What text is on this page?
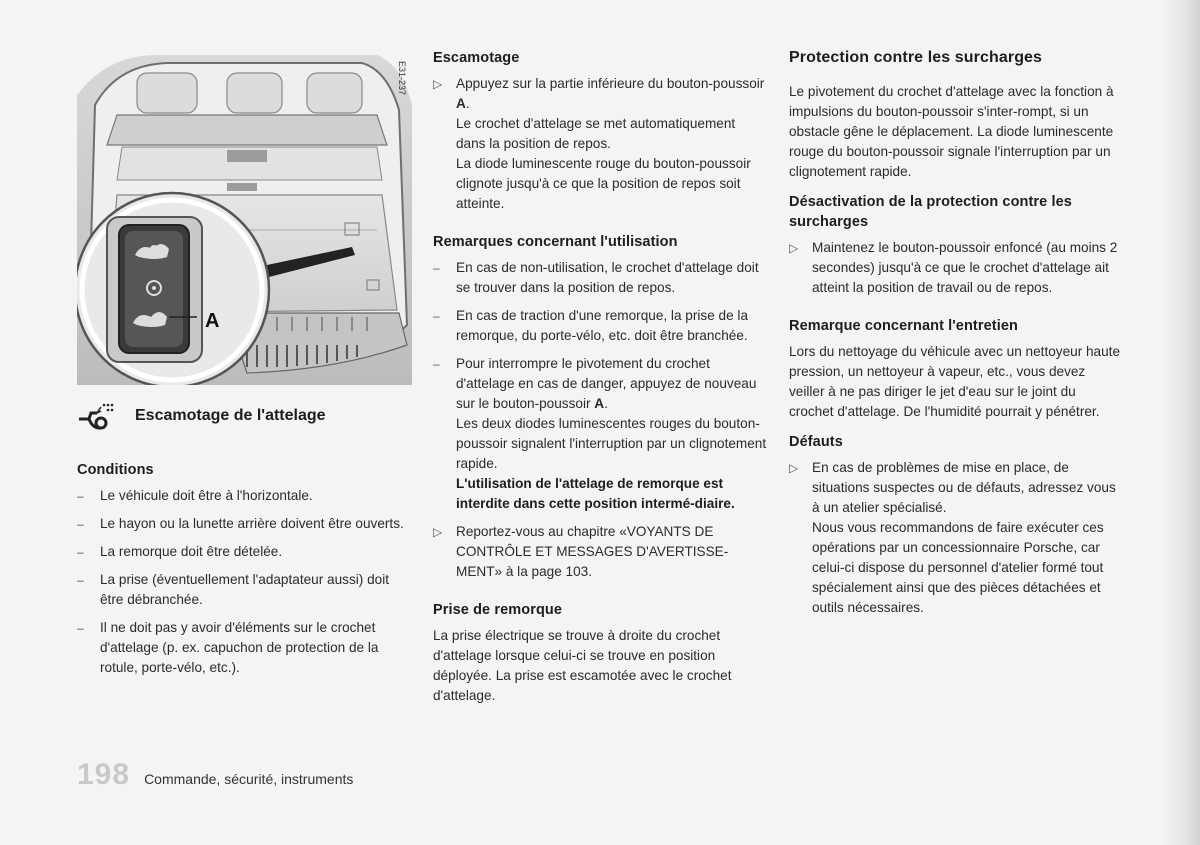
A
E31-237
Escamotage de l'attelage
Conditions
–	Le véhicule doit être à l'horizontale.
–	Le hayon ou la lunette arrière doivent être ouverts.
–	La remorque doit être dételée.
–	La prise (éventuellement l'adaptateur aussi) doit être débranchée.
–	Il ne doit pas y avoir d'éléments sur le crochet d'attelage (p. ex. capuchon de protection de la rotule, porte-vélo, etc.).
Escamotage
▷	Appuyez sur la partie inférieure du bouton-poussoir A.

Le crochet d'attelage se met automatiquement dans la position de repos.

La diode luminescente rouge du bouton-poussoir clignote jusqu'à ce que la position de repos soit atteinte.

Remarques concernant l'utilisation
–	En cas de non-utilisation, le crochet d'attelage doit se trouver dans la position de repos.
–	En cas de traction d'une remorque, la prise de la remorque, du porte-vélo, etc. doit être branchée.
–	Pour interrompre le pivotement du crochet d'attelage en cas de danger, appuyez de nouveau sur le bouton-poussoir A.

Les deux diodes luminescentes rouges du bouton-poussoir signalent l'interruption par un clignotement rapide.

L'utilisation de l'attelage de remorque est interdite dans cette position intermé-diaire.

▷	Reportez-vous au chapitre «VOYANTS DE CONTRÔLE ET MESSAGES D'AVERTISSE-MENT» à la page 103.
Prise de remorque

La prise électrique se trouve à droite du crochet d'attelage lorsque celui-ci se trouve en position déployée. La prise est escamotée avec le crochet d'attelage.

Protection contre les surcharges

Le pivotement du crochet d'attelage avec la fonction à impulsions du bouton-poussoir s'inter-rompt, si un obstacle gêne le déplacement. La diode luminescente rouge du bouton-poussoir signale l'interruption par un clignotement rapide.

Désactivation de la protection contre les surcharges
▷	Maintenez le bouton-poussoir enfoncé (au moins 2 secondes) jusqu'à ce que le crochet d'attelage ait atteint la position de travail ou de repos.
Remarque concernant l'entretien

Lors du nettoyage du véhicule avec un nettoyeur haute pression, un nettoyeur à vapeur, etc., vous devez veiller à ne pas diriger le jet d'eau sur le joint du crochet d'attelage. De l'humidité pourrait y pénétrer.

Défauts
▷	En cas de problèmes de mise en place, de situations suspectes ou de défauts, adressez vous à un atelier spécialisé.

Nous vous recommandons de faire exécuter ces opérations par un concessionnaire Porsche, car celui-ci dispose du personnel d'atelier formé tout spécialement ainsi que des pièces détachées et outils nécessaires.

198 Commande, sécurité, instruments
